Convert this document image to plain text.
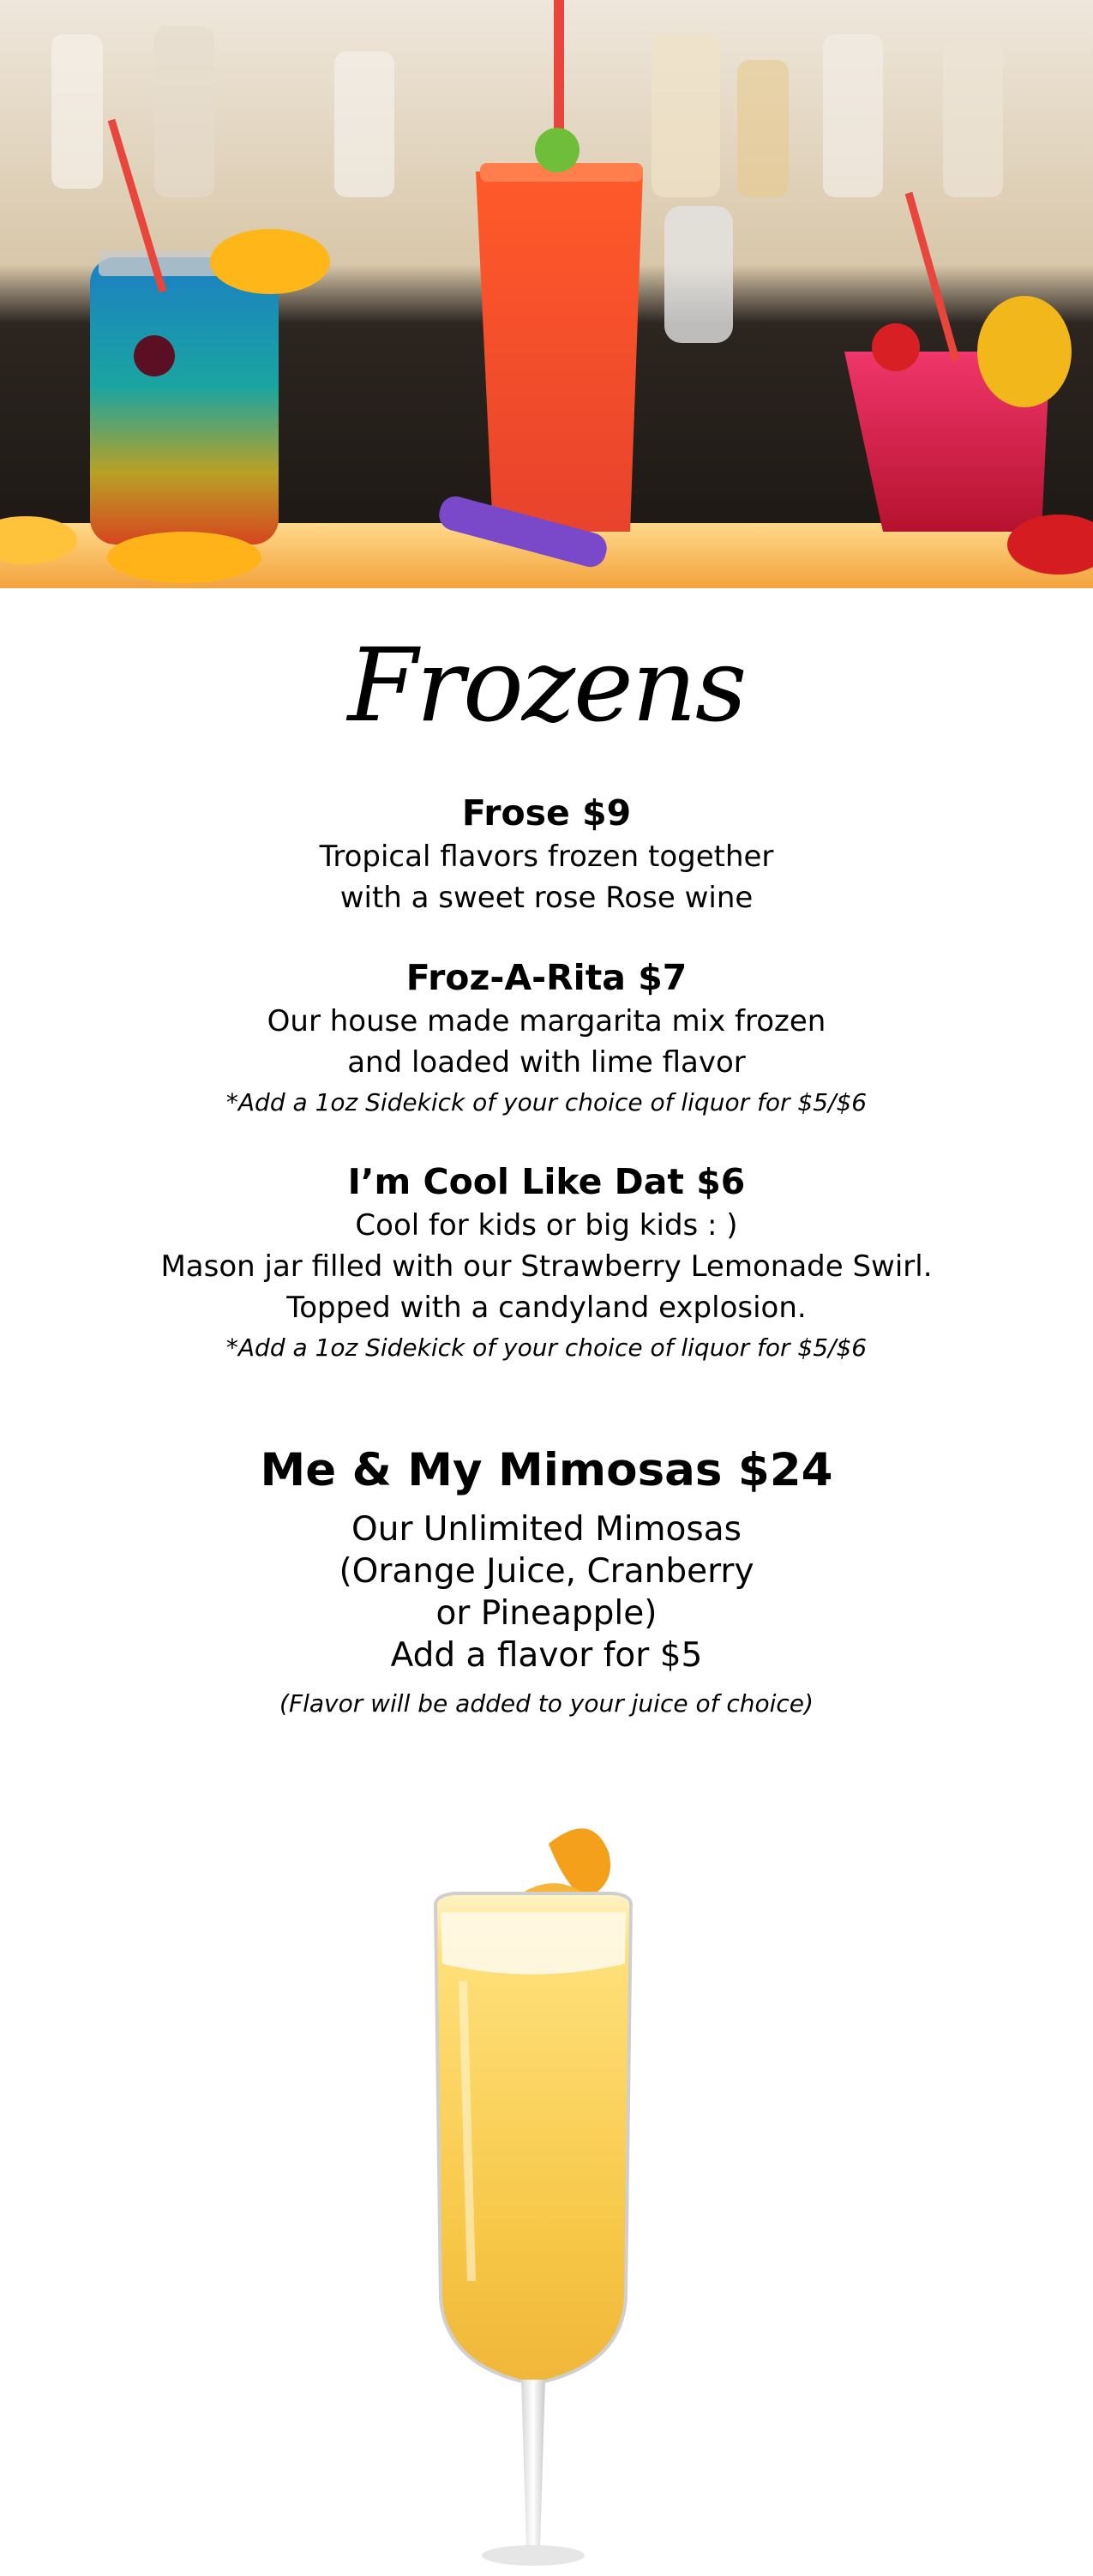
Frozens

Frose $9

Tropical flavors frozen together

with a sweet rose Rose wine

Froz-A-Rita $7

Our house made margarita mix frozen

and loaded with lime flavor

*Add a 1oz Sidekick of your choice of liquor for $5/$6

I’m Cool Like Dat $6

Cool for kids or big kids : )

Mason jar filled with our Strawberry Lemonade Swirl.

Topped with a candyland explosion.

*Add a 1oz Sidekick of your choice of liquor for $5/$6

Me & My Mimosas $24

Our Unlimited Mimosas

(Orange Juice, Cranberry

or Pineapple)

Add a flavor for $5

(Flavor will be added to your juice of choice)
